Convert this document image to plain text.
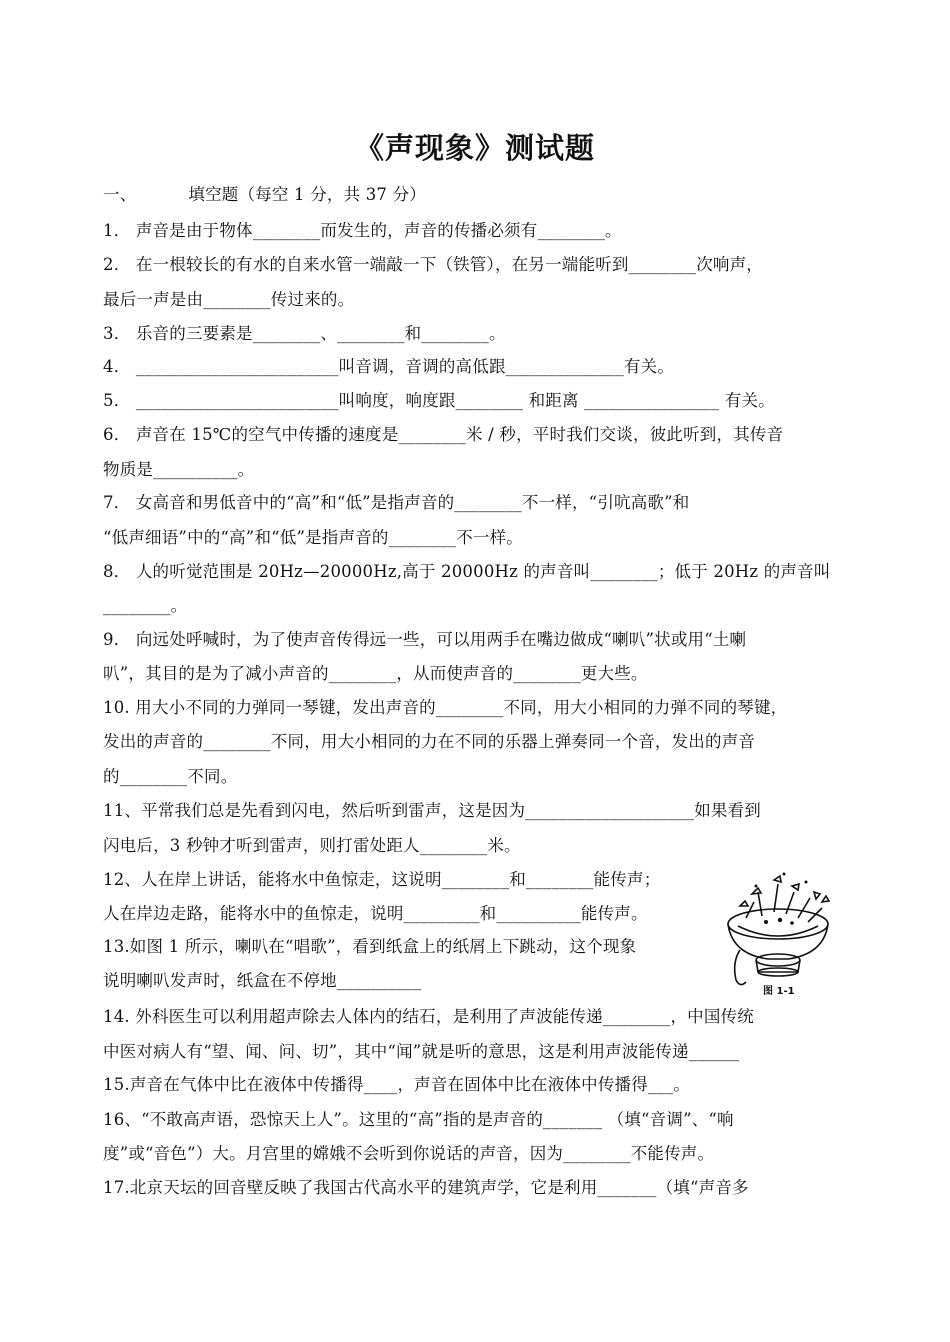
《声现象》测试题
一、	填空题（每空 1 分，共 37 分）
1． 声音是由于物体________而发生的，声音的传播必须有________。
2． 在一根较长的有水的自来水管一端敲一下（铁管），在另一端能听到________次响声，
最后一声是由________传过来的。
3． 乐音的三要素是________、________和________。
4． ________________________叫音调，音调的高低跟______________有关。
5． ________________________叫响度，响度跟________ 和距离 ________________ 有关。
6． 声音在 15℃的空气中传播的速度是________米 / 秒，平时我们交谈，彼此听到，其传音
物质是__________。
7． 女高音和男低音中的“高”和“低”是指声音的________不一样，“引吭高歌”和
“低声细语”中的“高”和“低”是指声音的________不一样。
8． 人的听觉范围是 20Hz—20000Hz,高于 20000Hz 的声音叫________；低于 20Hz 的声音叫
________。
9． 向远处呼喊时，为了使声音传得远一些，可以用两手在嘴边做成“喇叭”状或用“土喇
叭”，其目的是为了减小声音的________，从而使声音的________更大些。
10. 用大小不同的力弹同一琴键，发出声音的________不同，用大小相同的力弹不同的琴键，
发出的声音的________不同，用大小相同的力在不同的乐器上弹奏同一个音，发出的声音
的________不同。
11、平常我们总是先看到闪电，然后听到雷声，这是因为____________________如果看到
闪电后，3 秒钟才听到雷声，则打雷处距人________米。
12、人在岸上讲话，能将水中鱼惊走，这说明________和________能传声；
人在岸边走路，能将水中的鱼惊走，说明_________和__________能传声。
13.如图 1 所示，喇叭在“唱歌”，看到纸盒上的纸屑上下跳动，这个现象
说明喇叭发声时，纸盒在不停地__________
14. 外科医生可以利用超声除去人体内的结石，是利用了声波能传递________，中国传统
中医对病人有“望、闻、问、切”，其中“闻”就是听的意思，这是利用声波能传递______
15.声音在气体中比在液体中传播得____，声音在固体中比在液体中传播得___。
16、“不敢高声语，恐惊天上人”。这里的“高”指的是声音的_______ （填“音调”、“响
度”或“音色”）大。月宫里的嫦娥不会听到你说话的声音，因为________不能传声。
17.北京天坛的回音壁反映了我国古代高水平的建筑声学，它是利用_______（填“声音多
图 1-1
